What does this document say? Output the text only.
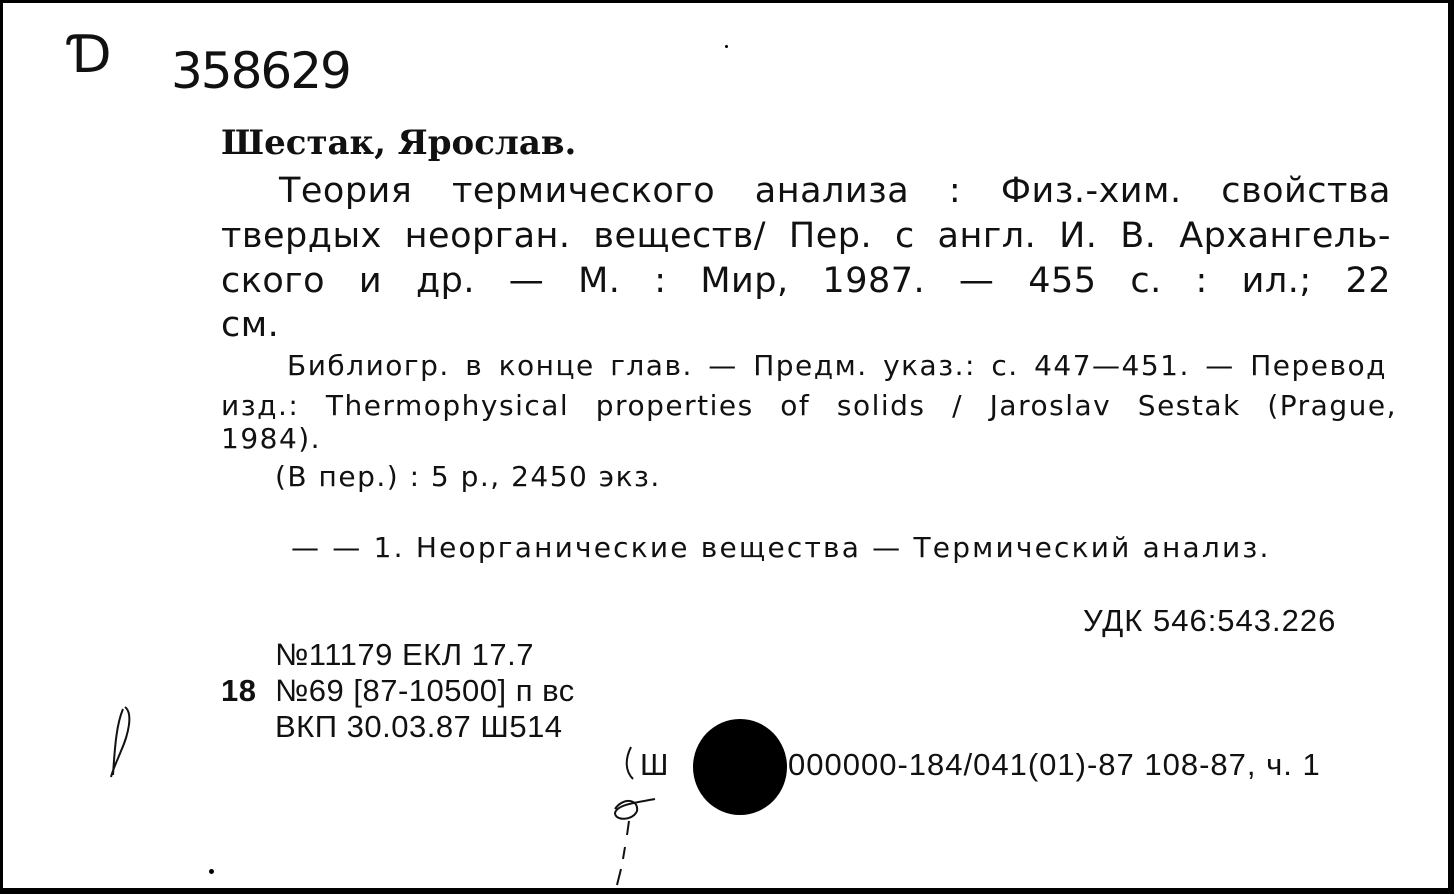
Ɗ 358629
Шестак, Ярослав.
Теория термического анализа : Физ.-хим. свойства
твердых неорган. веществ/ Пер. с англ. И. В. Архангель-
ского и др. — М. : Мир, 1987. — 455 с. : ил.; 22
см.
Библиогр. в конце глав. — Предм. указ.: с. 447—451. — Перевод
изд.: Thermophysical properties of solids / Jaroslav Sestak (Prague,
1984).
(В пер.) : 5 р., 2450 экз.
— — 1. Неорганические вещества — Термический анализ.
УДК 546:543.226
№11179 ЕКЛ 17.7
18 №69 [87-10500] п вс
ВКП 30.03.87 Ш514
Ш	000000-184/041(01)-87 108-87, ч. 1
